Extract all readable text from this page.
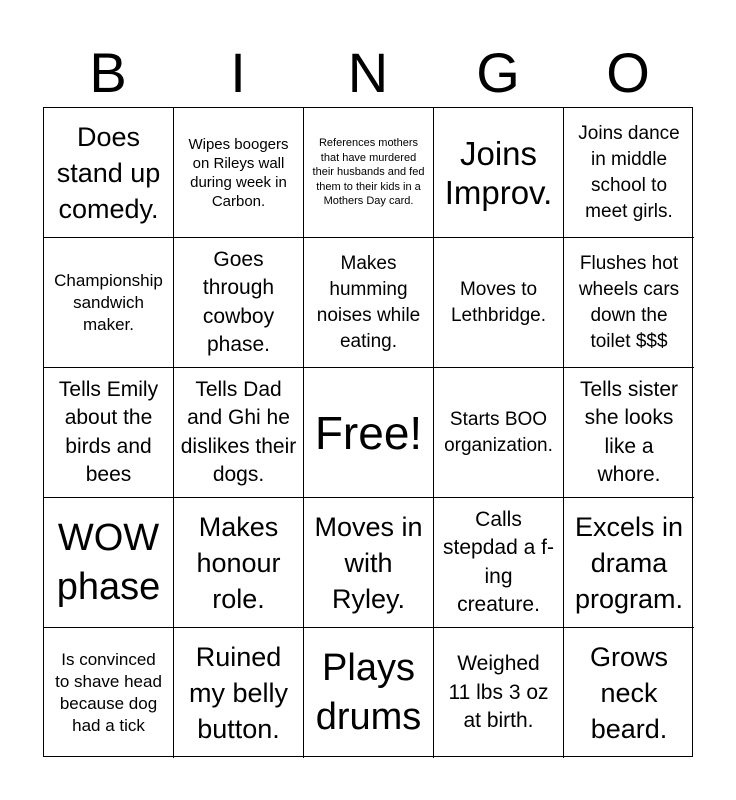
B	I	N	G	O
Does stand up comedy.
Wipes boogers on Rileys wall during week in Carbon.
References mothers that have murdered their husbands and fed them to their kids in a Mothers Day card.
Joins Improv.
Joins dance in middle school to meet girls.
Championship sandwich maker.
Goes through cowboy phase.
Makes humming noises while eating.
Moves to Lethbridge.
Flushes hot wheels cars down the toilet $$$
Tells Emily about the birds and bees
Tells Dad and Ghi he dislikes their dogs.
Free!	Starts BOO organization.
Tells sister she looks like a whore.
WOW phase
Makes honour role.
Moves in with Ryley.
Calls stepdad a f-ing creature.
Excels in drama program.
Is convinced to shave head because dog had a tick
Ruined my belly button.
Plays drums
Weighed 11 lbs 3 oz at birth.
Grows neck beard.
